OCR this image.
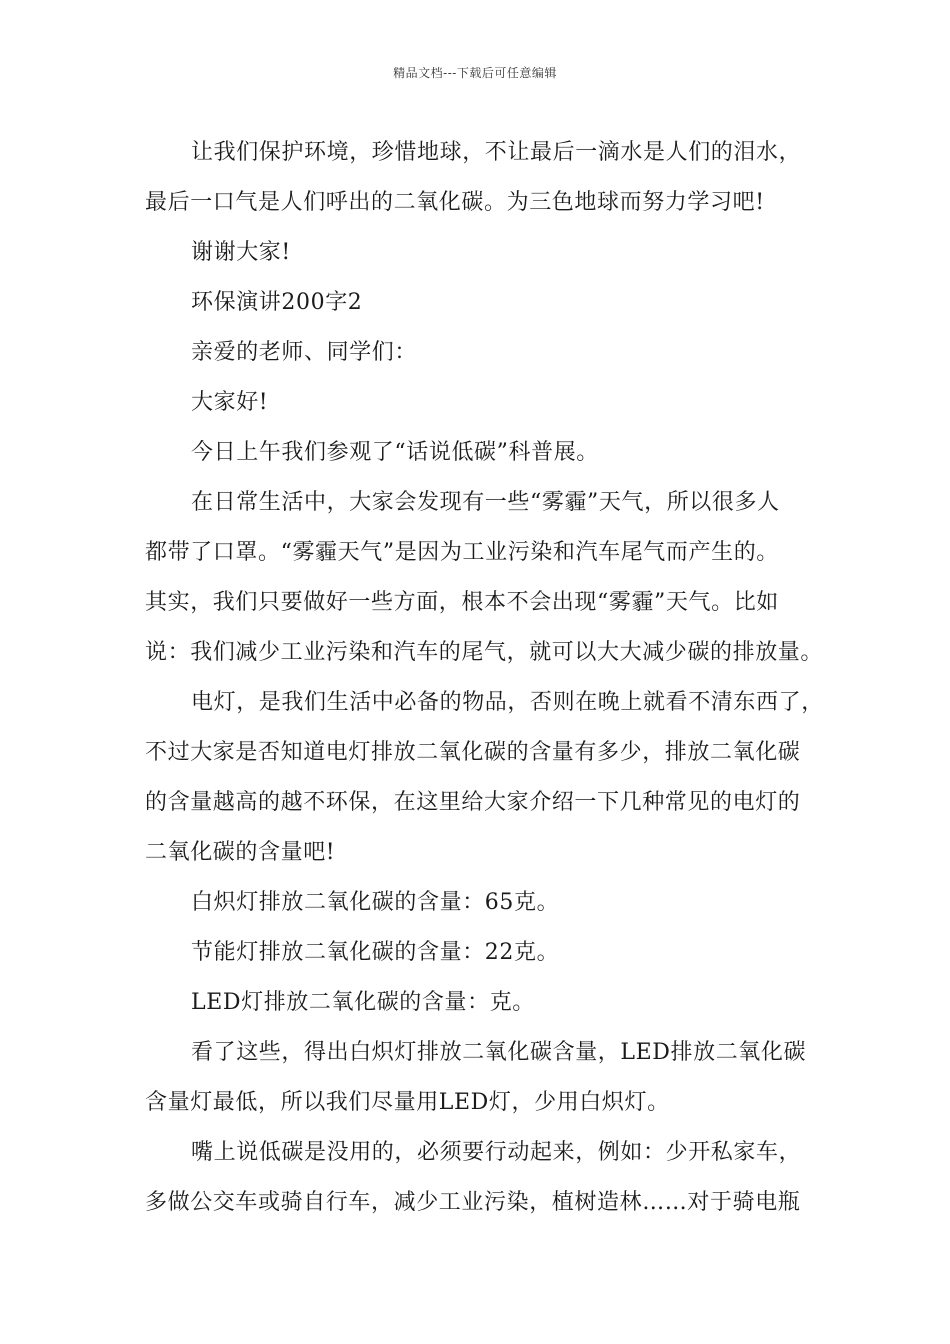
精品文档---下载后可任意编辑
让我们保护环境，珍惜地球，不让最后一滴水是人们的泪水，
最后一口气是人们呼出的二氧化碳。为三色地球而努力学习吧!
谢谢大家!
环保演讲200字2
亲爱的老师、同学们：
大家好!
今日上午我们参观了“话说低碳”科普展。
在日常生活中，大家会发现有一些“雾霾”天气，所以很多人
都带了口罩。“雾霾天气”是因为工业污染和汽车尾气而产生的。
其实，我们只要做好一些方面，根本不会出现“雾霾”天气。比如
说：我们减少工业污染和汽车的尾气，就可以大大减少碳的排放量。
电灯，是我们生活中必备的物品，否则在晚上就看不清东西了，
不过大家是否知道电灯排放二氧化碳的含量有多少，排放二氧化碳
的含量越高的越不环保，在这里给大家介绍一下几种常见的电灯的
二氧化碳的含量吧!
白炽灯排放二氧化碳的含量：65克。
节能灯排放二氧化碳的含量：22克。
LED灯排放二氧化碳的含量：克。
看了这些，得出白炽灯排放二氧化碳含量，LED排放二氧化碳
含量灯最低，所以我们尽量用LED灯，少用白炽灯。
嘴上说低碳是没用的，必须要行动起来，例如：少开私家车，
多做公交车或骑自行车，减少工业污染，植树造林……对于骑电瓶
